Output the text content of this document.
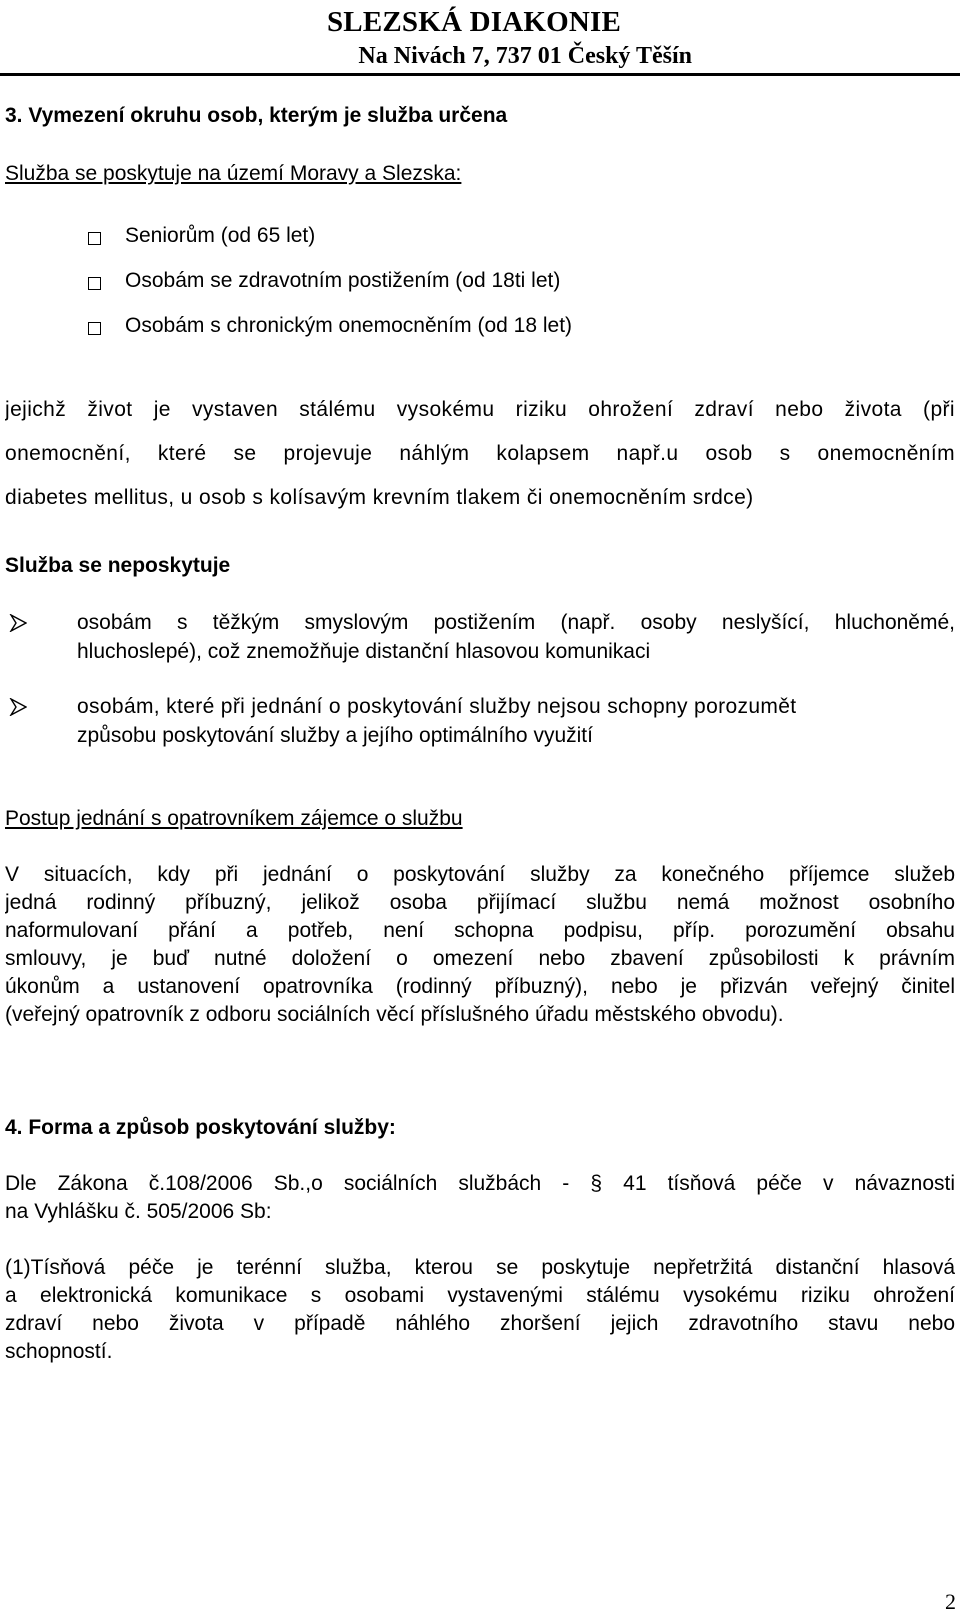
SLEZSKÁ DIAKONIE
Na Nivách 7, 737 01 Český Těšín
3. Vymezení okruhu osob, kterým je služba určena
Služba se poskytuje na území Moravy a Slezska:
Seniorům (od 65 let)
Osobám se zdravotním postižením (od 18ti let)
Osobám s chronickým onemocněním (od 18 let)
jejichž život je vystaven stálému vysokému riziku ohrožení zdraví nebo života (při
onemocnění, které se projevuje náhlým kolapsem např.u osob s onemocněním
diabetes mellitus, u osob s kolísavým krevním tlakem či onemocněním srdce)
Služba se neposkytuje
osobám s těžkým smyslovým postižením (např. osoby neslyšící, hluchoněmé,
hluchoslepé), což znemožňuje distanční hlasovou komunikaci
osobám, které při jednání o poskytování služby nejsou schopny porozumět
způsobu poskytování služby a jejího optimálního využití
Postup jednání s opatrovníkem zájemce o službu
V situacích, kdy při jednání o poskytování služby za konečného příjemce služeb
jedná rodinný příbuzný, jelikož osoba přijímací službu nemá možnost osobního
naformulovaní přání a potřeb, není schopna podpisu, příp. porozumění obsahu
smlouvy, je buď nutné doložení o omezení nebo zbavení způsobilosti k právním
úkonům a ustanovení opatrovníka (rodinný příbuzný), nebo je přizván veřejný činitel
(veřejný opatrovník z odboru sociálních věcí příslušného úřadu městského obvodu).
4. Forma a způsob poskytování služby:
Dle Zákona č.108/2006 Sb.,o sociálních službách - § 41 tísňová péče v návaznosti
na Vyhlášku č. 505/2006 Sb:
(1)Tísňová péče je terénní služba, kterou se poskytuje nepřetržitá distanční hlasová
a elektronická komunikace s osobami vystavenými stálému vysokému riziku ohrožení
zdraví nebo života v případě náhlého zhoršení jejich zdravotního stavu nebo
schopností.
2
